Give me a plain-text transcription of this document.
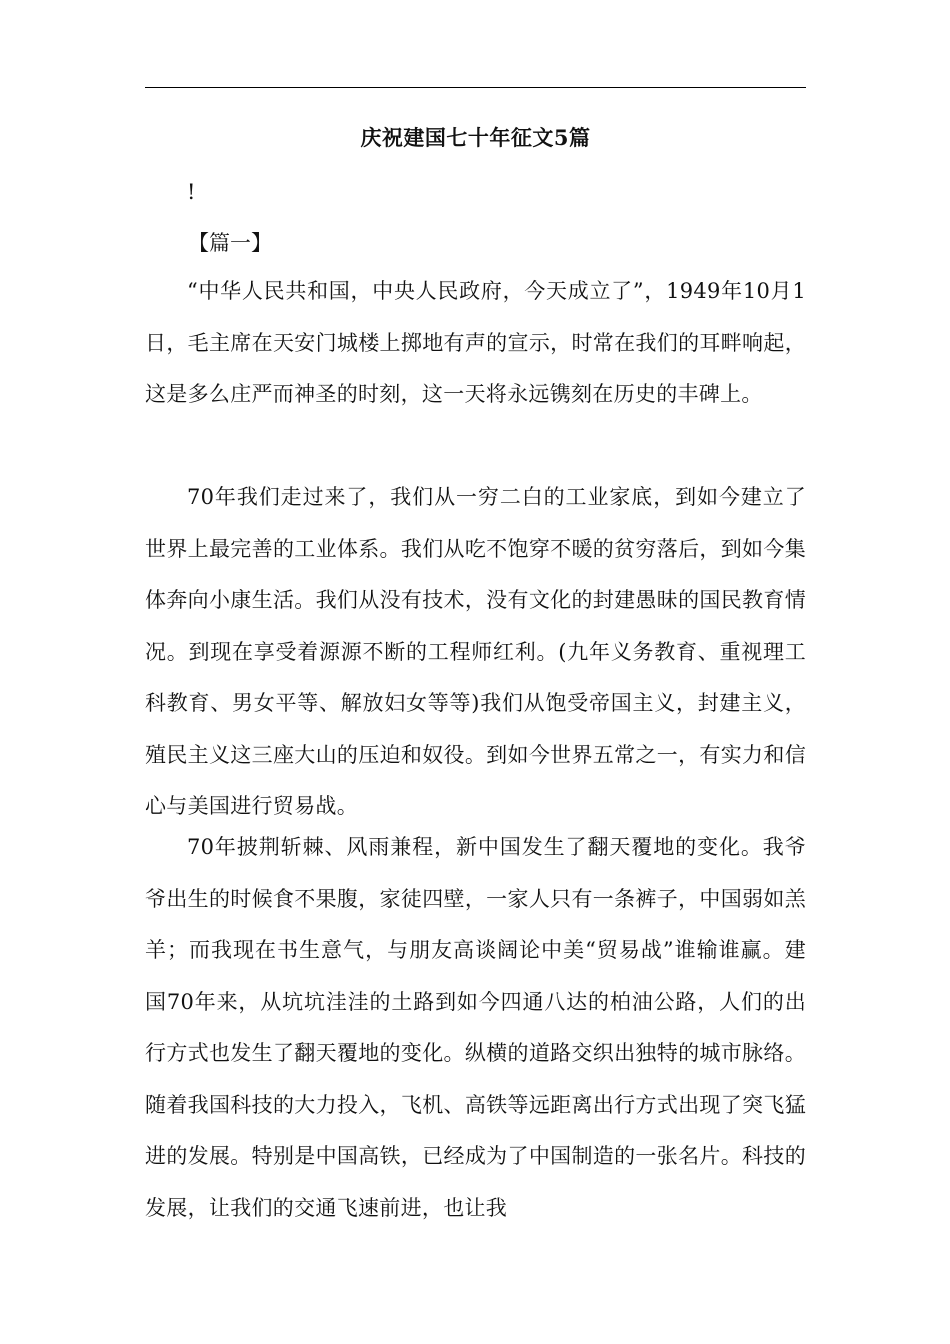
庆祝建国七十年征文5篇
!
【篇一】

“中华人民共和国，中央人民政府，今天成立了”，1949年10月1日，毛主席在天安门城楼上掷地有声的宣示，时常在我们的耳畔响起，这是多么庄严而神圣的时刻，这一天将永远镌刻在历史的丰碑上。

70年我们走过来了，我们从一穷二白的工业家底，到如今建立了世界上最完善的工业体系。我们从吃不饱穿不暖的贫穷落后，到如今集体奔向小康生活。我们从没有技术，没有文化的封建愚昧的国民教育情况。到现在享受着源源不断的工程师红利。(九年义务教育、重视理工科教育、男女平等、解放妇女等等)我们从饱受帝国主义，封建主义，殖民主义这三座大山的压迫和奴役。到如今世界五常之一，有实力和信心与美国进行贸易战。

70年披荆斩棘、风雨兼程，新中国发生了翻天覆地的变化。我爷爷出生的时候食不果腹，家徒四壁，一家人只有一条裤子，中国弱如羔羊；而我现在书生意气，与朋友高谈阔论中美“贸易战”谁输谁赢。建国70年来，从坑坑洼洼的土路到如今四通八达的柏油公路，人们的出行方式也发生了翻天覆地的变化。纵横的道路交织出独特的城市脉络。随着我国科技的大力投入，飞机、高铁等远距离出行方式出现了突飞猛进的发展。特别是中国高铁，已经成为了中国制造的一张名片。科技的发展，让我们的交通飞速前进，也让我
